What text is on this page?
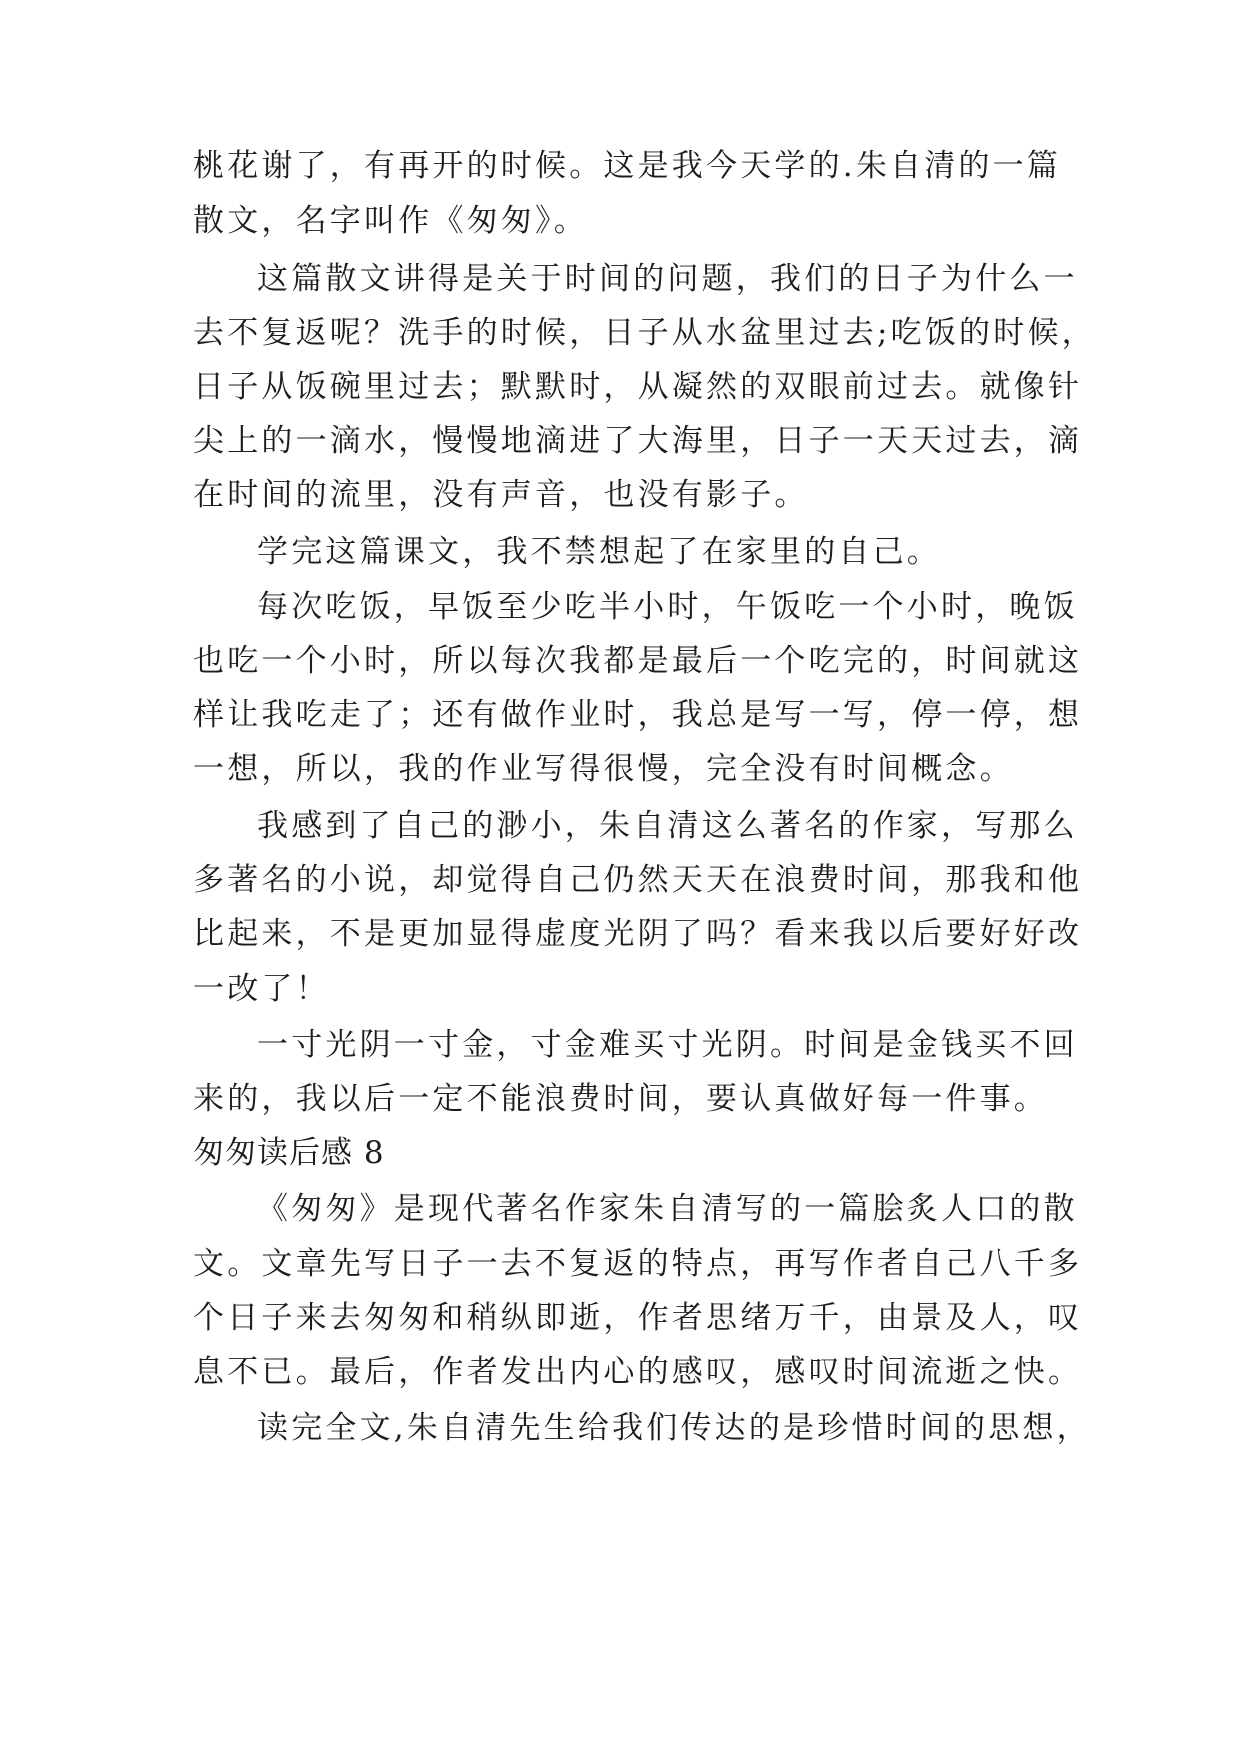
桃花谢了，有再开的时候。这是我今天学的.朱自清的一篇

散文，名字叫作《匆匆》。

这篇散文讲得是关于时间的问题，我们的日子为什么一

去不复返呢？洗手的时候，日子从水盆里过去;吃饭的时候，

日子从饭碗里过去；默默时，从凝然的双眼前过去。就像针

尖上的一滴水，慢慢地滴进了大海里，日子一天天过去，滴

在时间的流里，没有声音，也没有影子。

学完这篇课文，我不禁想起了在家里的自己。

每次吃饭，早饭至少吃半小时，午饭吃一个小时，晚饭

也吃一个小时，所以每次我都是最后一个吃完的，时间就这

样让我吃走了；还有做作业时，我总是写一写，停一停，想

一想，所以，我的作业写得很慢，完全没有时间概念。

我感到了自己的渺小，朱自清这么著名的作家，写那么

多著名的小说，却觉得自己仍然天天在浪费时间，那我和他

比起来，不是更加显得虚度光阴了吗？看来我以后要好好改

一改了！

一寸光阴一寸金，寸金难买寸光阴。时间是金钱买不回

来的，我以后一定不能浪费时间，要认真做好每一件事。

匆匆读后感 8

《匆匆》是现代著名作家朱自清写的一篇脍炙人口的散

文。文章先写日子一去不复返的特点，再写作者自己八千多

个日子来去匆匆和稍纵即逝，作者思绪万千，由景及人，叹

息不已。最后，作者发出内心的感叹，感叹时间流逝之快。

读完全文,朱自清先生给我们传达的是珍惜时间的思想，
